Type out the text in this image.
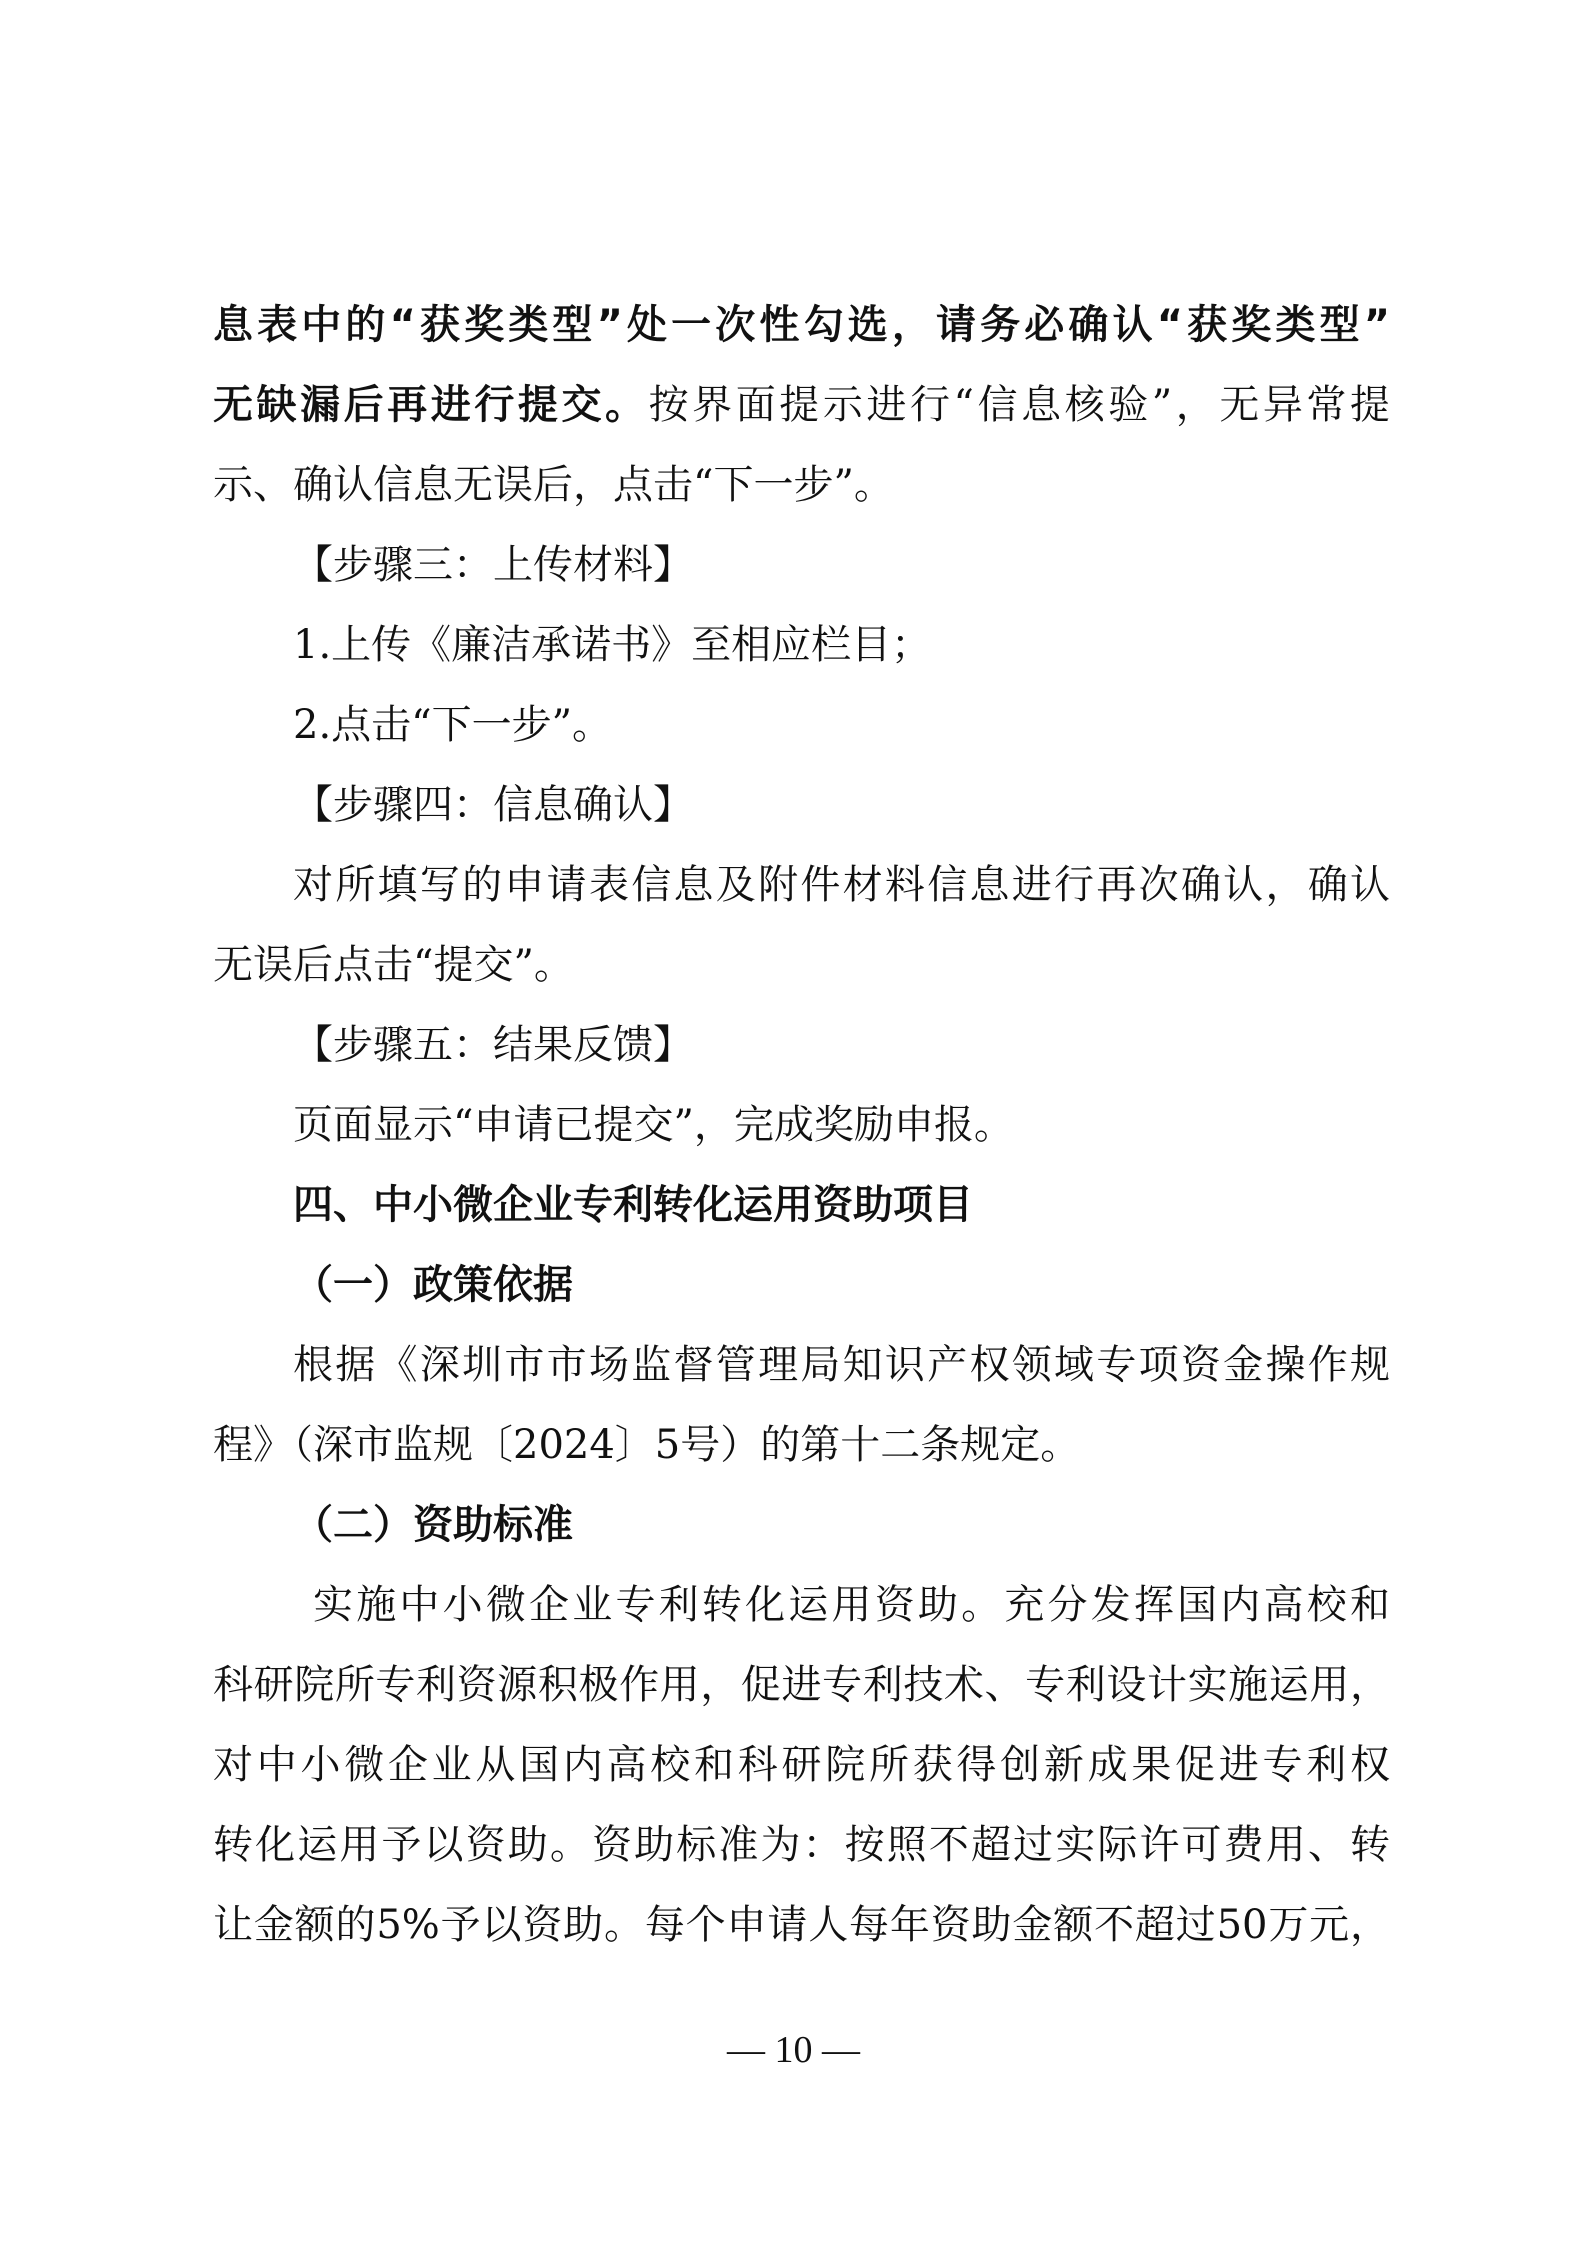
息表中的“获奖类型”处一次性勾选，请务必确认“获奖类型”
无缺漏后再进行提交。按界面提示进行“信息核验”，无异常提
示、确认信息无误后，点击“下一步”。
【步骤三：上传材料】
1.上传《廉洁承诺书》至相应栏目；
2.点击“下一步”。
【步骤四：信息确认】
对所填写的申请表信息及附件材料信息进行再次确认，确认
无误后点击“提交”。
【步骤五：结果反馈】
页面显示“申请已提交”，完成奖励申报。
四、中小微企业专利转化运用资助项目
（一）政策依据
根据《深圳市市场监督管理局知识产权领域专项资金操作规
程》（深市监规〔2024〕5号）的第十二条规定。
（二）资助标准
实施中小微企业专利转化运用资助。充分发挥国内高校和
科研院所专利资源积极作用，促进专利技术、专利设计实施运用，
对中小微企业从国内高校和科研院所获得创新成果促进专利权
转化运用予以资助。资助标准为：按照不超过实际许可费用、转
让金额的5%予以资助。每个申请人每年资助金额不超过50万元，
— 10 —
